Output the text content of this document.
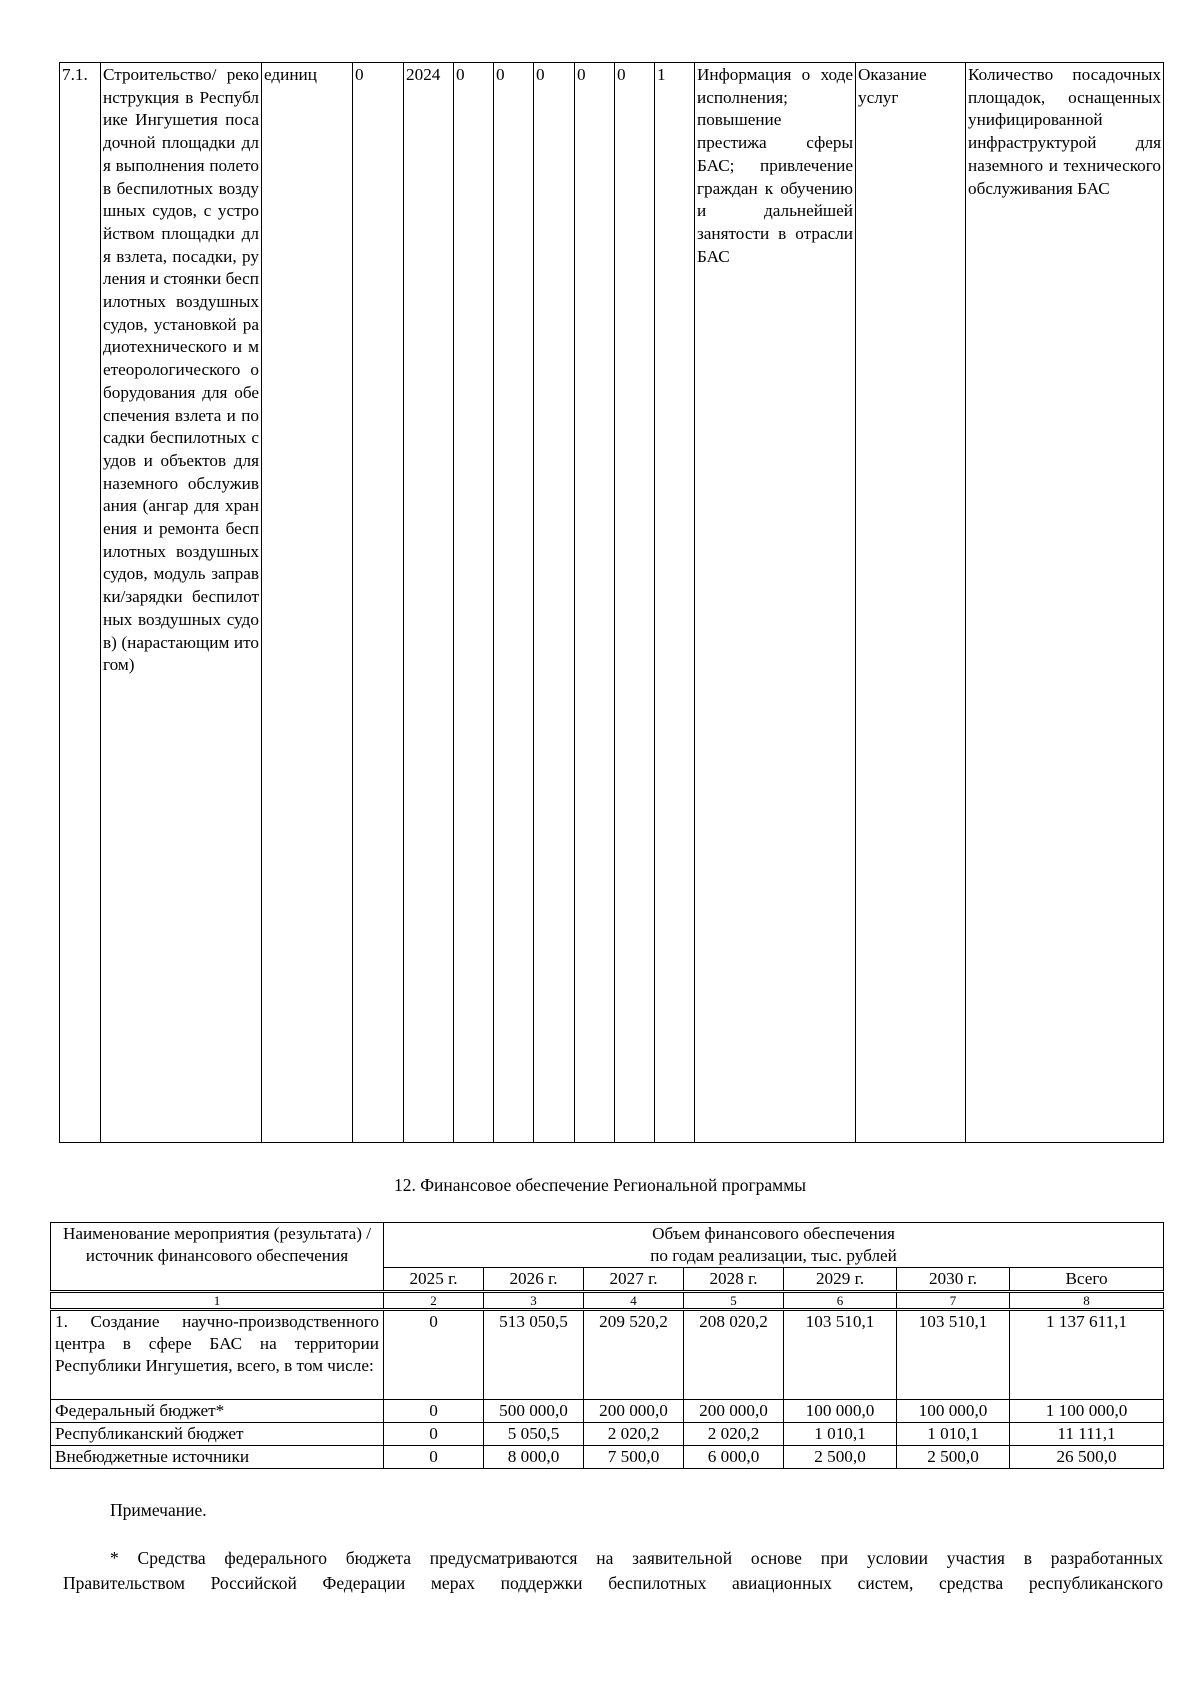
7.1.	Строительство/ реконструкция в Республике Ингушетия посадочной площадки для выполнения полетов беспилотных воздушных судов, с устройством площадки для взлета, посадки, руления и стоянки беспилотных воздушных судов, установкой радиотехнического и метеорологического оборудования для обеспечения взлета и посадки беспилотных судов и объектов для наземного обслуживания (ангар для хранения и ремонта беспилотных воздушных судов, модуль заправки/зарядки беспилотных воздушных судов) (нарастающим итогом)	единиц	0	2024	0	0	0	0	0	1	Информация о ходе исполнения; повышение престижа сферы БАС; привлечение граждан к обучению и дальнейшей занятости в отрасли БАС	Оказание услуг	Количество посадочных площадок, оснащенных унифицированной инфраструктурой для наземного и технического обслуживания БАС
12. Финансовое обеспечение Региональной программы
Наименование мероприятия (результата) / источник финансового обеспечения	Объем финансового обеспечения
по годам реализации, тыс. рублей						

	2025 г.	2026 г.	2027 г.	2028 г.	2029 г.	2030 г.	Всего
1	2	3	4	5	6	7	8
1. Создание научно-производственного центра в сфере БАС на территории Республики Ингушетия, всего, в том числе:	0	513 050,5	209 520,2	208 020,2	103 510,1	103 510,1	1 137 611,1
Федеральный бюджет*	0	500 000,0	200 000,0	200 000,0	100 000,0	100 000,0	1 100 000,0
Республиканский бюджет	0	5 050,5	2 020,2	2 020,2	1 010,1	1 010,1	11 111,1
Внебюджетные источники	0	8 000,0	7 500,0	6 000,0	2 500,0	2 500,0	26 500,0
Примечание.
* Средства федерального бюджета предусматриваются на заявительной основе при условии участия в разработанных
Правительством Российской Федерации мерах поддержки беспилотных авиационных систем, средства республиканского
